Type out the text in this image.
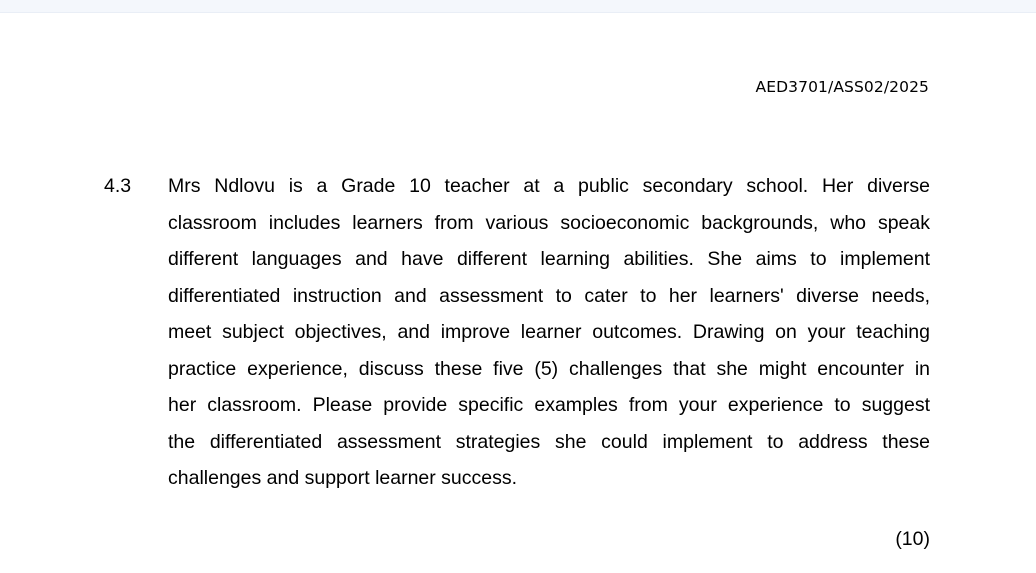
AED3701/ASS02/2025
4.3 Mrs Ndlovu is a Grade 10 teacher at a public secondary school. Her diverse
classroom includes learners from various socioeconomic backgrounds, who speak
different languages and have different learning abilities. She aims to implement
differentiated instruction and assessment to cater to her learners' diverse needs,
meet subject objectives, and improve learner outcomes. Drawing on your teaching
practice experience, discuss these five (5) challenges that she might encounter in
her classroom. Please provide specific examples from your experience to suggest
the differentiated assessment strategies she could implement to address these
challenges and support learner success.
(10)
